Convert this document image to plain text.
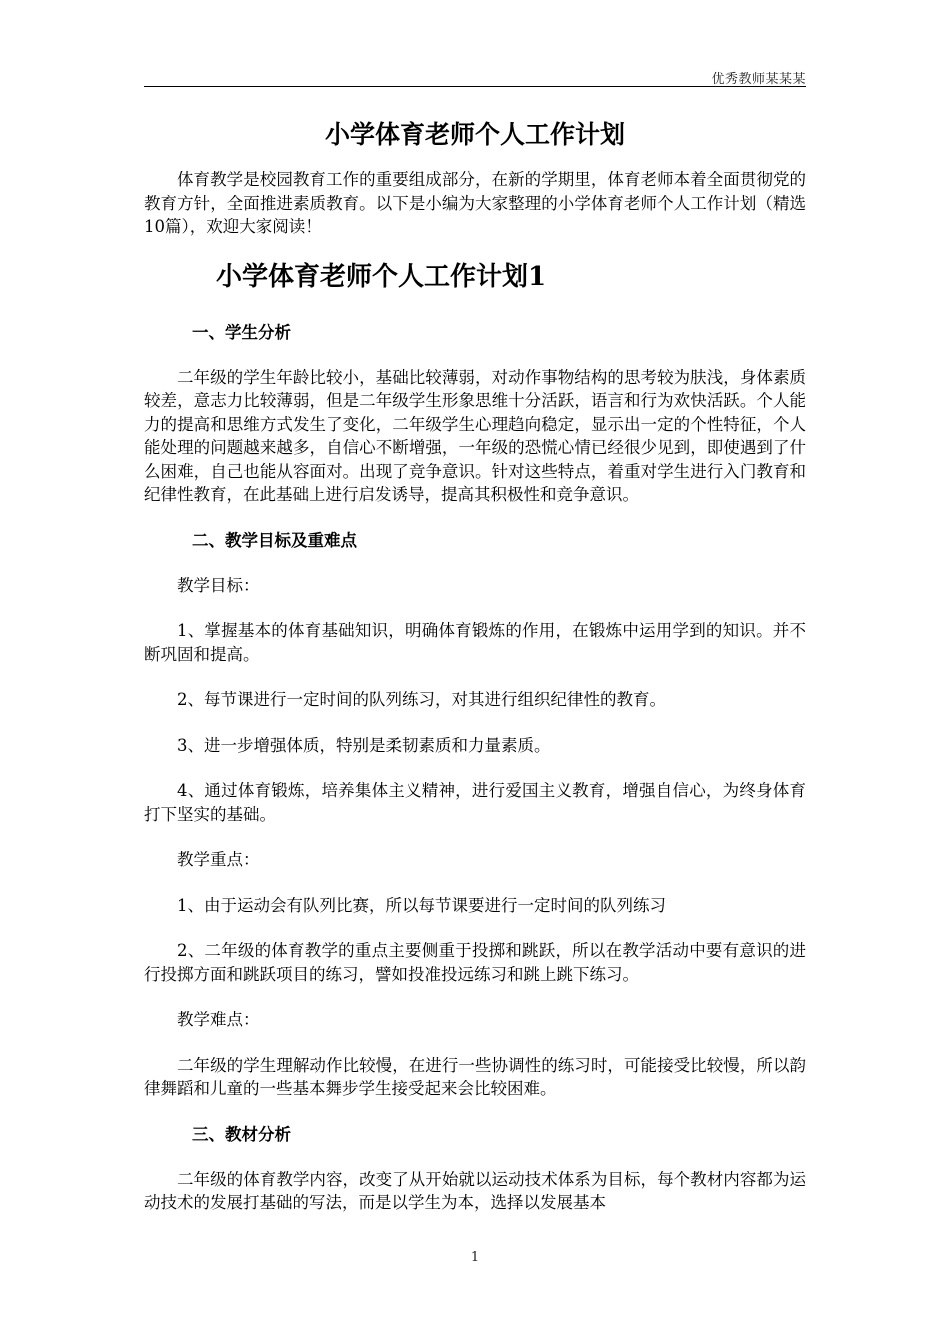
优秀教师某某某
小学体育老师个人工作计划

体育教学是校园教育工作的重要组成部分，在新的学期里，体育老师本着全面贯彻党的教育方针，全面推进素质教育。以下是小编为大家整理的小学体育老师个人工作计划（精选10篇），欢迎大家阅读！

小学体育老师个人工作计划1
一、学生分析

二年级的学生年龄比较小，基础比较薄弱，对动作事物结构的思考较为肤浅，身体素质较差，意志力比较薄弱，但是二年级学生形象思维十分活跃，语言和行为欢快活跃。个人能力的提高和思维方式发生了变化，二年级学生心理趋向稳定，显示出一定的个性特征，个人能处理的问题越来越多，自信心不断增强，一年级的恐慌心情已经很少见到，即使遇到了什么困难，自己也能从容面对。出现了竞争意识。针对这些特点，着重对学生进行入门教育和纪律性教育，在此基础上进行启发诱导，提高其积极性和竞争意识。

二、教学目标及重难点

教学目标：

1、掌握基本的体育基础知识，明确体育锻炼的作用，在锻炼中运用学到的知识。并不断巩固和提高。

2、每节课进行一定时间的队列练习，对其进行组织纪律性的教育。

3、进一步增强体质，特别是柔韧素质和力量素质。

4、通过体育锻炼，培养集体主义精神，进行爱国主义教育，增强自信心，为终身体育打下坚实的基础。

教学重点：

1、由于运动会有队列比赛，所以每节课要进行一定时间的队列练习

2、二年级的体育教学的重点主要侧重于投掷和跳跃，所以在教学活动中要有意识的进行投掷方面和跳跃项目的练习，譬如投准投远练习和跳上跳下练习。

教学难点：

二年级的学生理解动作比较慢，在进行一些协调性的练习时，可能接受比较慢，所以韵律舞蹈和儿童的一些基本舞步学生接受起来会比较困难。

三、教材分析

二年级的体育教学内容，改变了从开始就以运动技术体系为目标，每个教材内容都为运动技术的发展打基础的写法，而是以学生为本，选择以发展基本

1
